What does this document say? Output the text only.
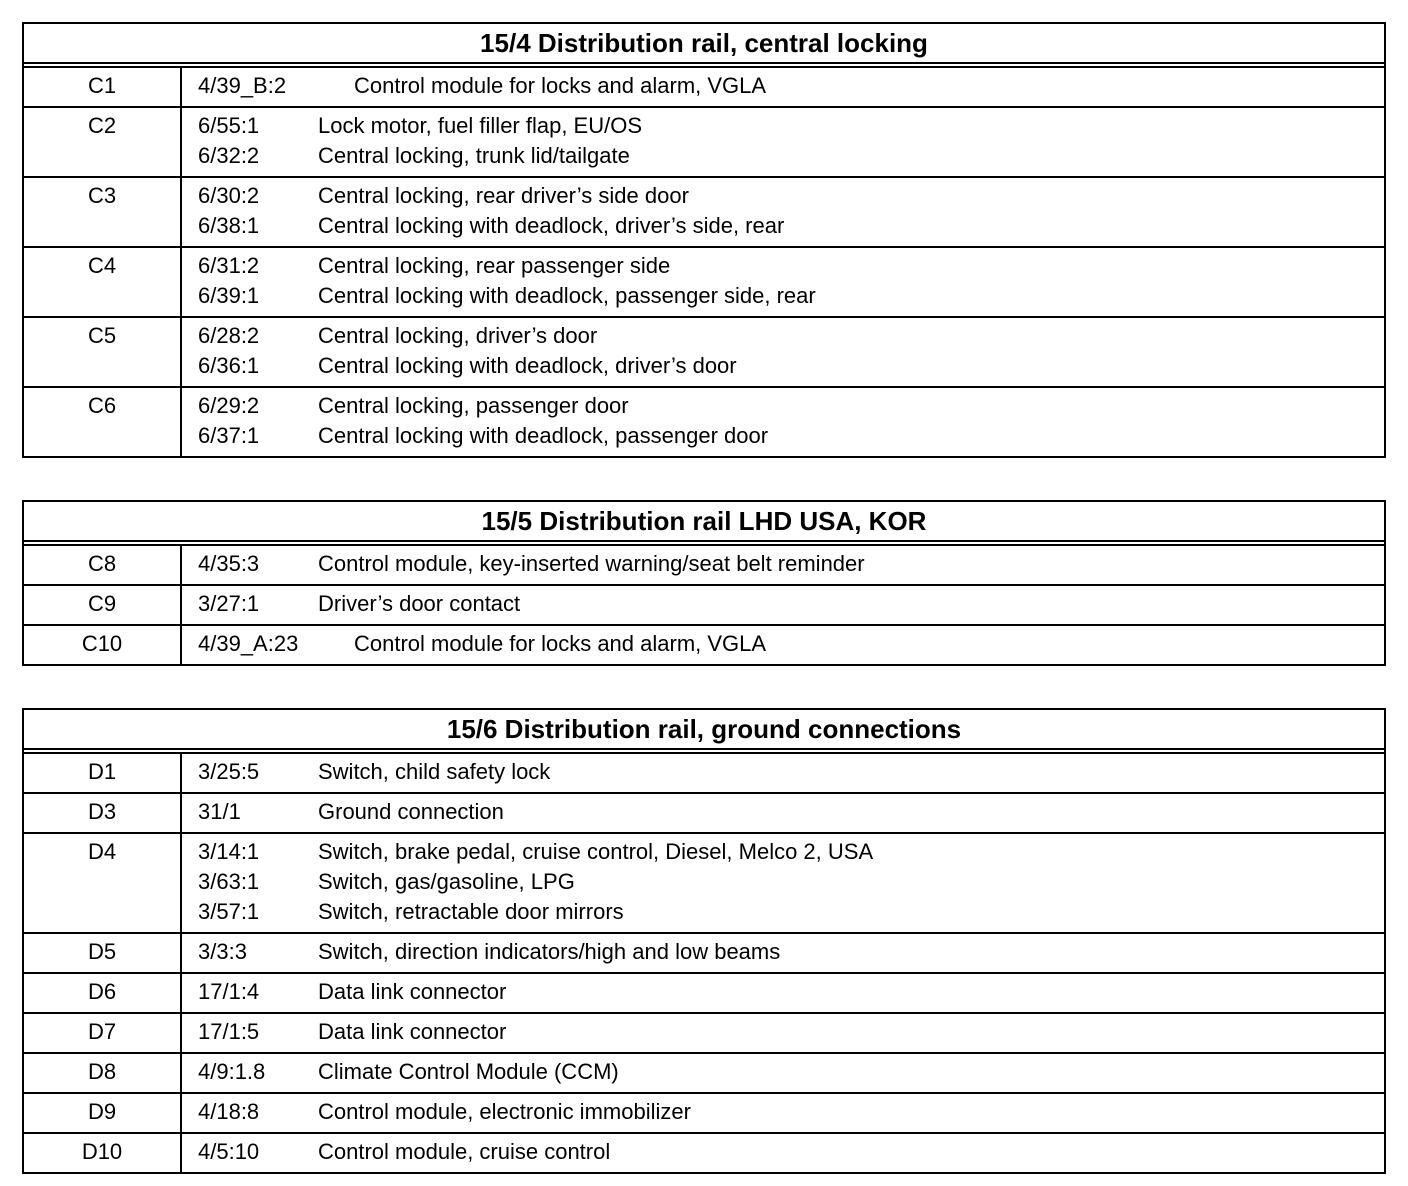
15/4 Distribution rail, central locking
C1	4/39_B:2	Control module for locks and alarm, VGLA
C2	6/55:1	Lock motor, fuel filler flap, EU/OS
6/32:2	Central locking, trunk lid/tailgate
C3	6/30:2	Central locking, rear driver’s side door
6/38:1	Central locking with deadlock, driver’s side, rear
C4	6/31:2	Central locking, rear passenger side
6/39:1	Central locking with deadlock, passenger side, rear
C5	6/28:2	Central locking, driver’s door
6/36:1	Central locking with deadlock, driver’s door
C6	6/29:2	Central locking, passenger door
6/37:1	Central locking with deadlock, passenger door
15/5 Distribution rail LHD USA, KOR
C8	4/35:3	Control module, key-inserted warning/seat belt reminder
C9	3/27:1	Driver’s door contact
C10	4/39_A:23	Control module for locks and alarm, VGLA
15/6 Distribution rail, ground connections
D1	3/25:5	Switch, child safety lock
D3	31/1	Ground connection
D4	3/14:1	Switch, brake pedal, cruise control, Diesel, Melco 2, USA
3/63:1	Switch, gas/gasoline, LPG
3/57:1	Switch, retractable door mirrors
D5	3/3:3	Switch, direction indicators/high and low beams
D6	17/1:4	Data link connector
D7	17/1:5	Data link connector
D8	4/9:1.8	Climate Control Module (CCM)
D9	4/18:8	Control module, electronic immobilizer
D10	4/5:10	Control module, cruise control
